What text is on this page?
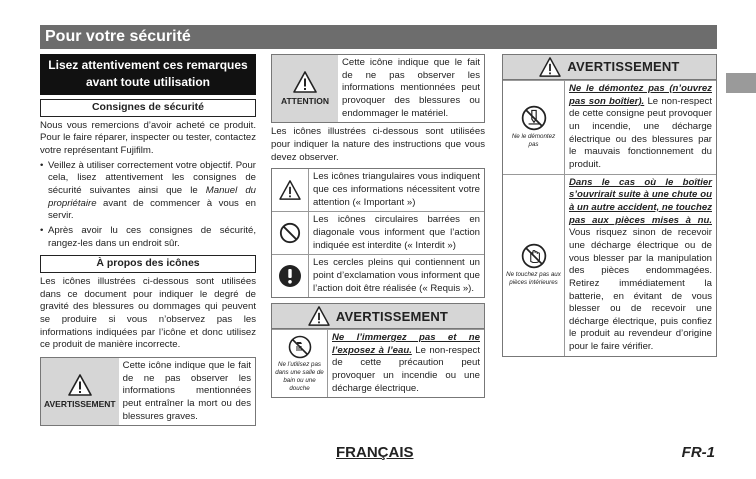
Pour votre sécurité
Lisez attentivement ces remarques
avant toute utilisation
Consignes de sécurité

Nous vous remercions d’avoir acheté ce produit. Pour le faire réparer, inspecter ou tester, contactez votre représentant Fujifilm.

• Veillez à utiliser correctement votre objectif. Pour cela, lisez attentivement les consignes de sécurité suivantes ainsi que le Manuel du propriétaire avant de commencer à vous en servir.
• Après avoir lu ces consignes de sécurité, rangez-les dans un endroit sûr.
À propos des icônes

Les icônes illustrées ci-dessous sont utilisées dans ce document pour indiquer le degré de gravité des blessures ou dommages qui peuvent se produire si vous n’observez pas les informations indiquées par l’icône et donc utilisez ce produit de manière incorrecte.

AVERTISSEMENT
Cette icône indique que le fait de ne pas observer les informations mentionnées peut entraîner la mort ou des blessures graves.
ATTENTION
Cette icône indique que le fait de ne pas observer les informations mentionnées peut provoquer des blessures ou endommager le matériel.

Les icônes illustrées ci-dessous sont utilisées pour indiquer la nature des instructions que vous devez observer.

Les icônes triangulaires vous indiquent que ces informations nécessitent votre attention (« Important »)
Les icônes circulaires barrées en diagonale vous informent que l’action indiquée est interdite (« Interdit »)
Les cercles pleins qui contiennent un point d’exclamation vous informent que l’action doit être réalisée (« Requis »).
AVERTISSEMENT
Ne l’utilisez pas dans une salle de bain ou une douche
Ne l’immergez pas et ne l’exposez à l’eau. Le non-respect de cette précaution peut provoquer un incendie ou une décharge électrique.
AVERTISSEMENT
Ne le démontez pas
Ne le démontez pas (n’ouvrez pas son boîtier). Le non-respect de cette consigne peut provoquer un incendie, une décharge électrique ou des blessures par le mauvais fonctionnement du produit.
Ne touchez pas aux pièces intérieures
Dans le cas où le boîtier s’ouvrirait suite à une chute ou à un autre accident, ne touchez pas aux pièces mises à nu. Vous risquez sinon de recevoir une décharge électrique ou de vous blesser par la manipulation des pièces endommagées. Retirez immédiatement la batterie, en évitant de vous blesser ou de recevoir une décharge électrique, puis confiez le produit au revendeur d’origine pour le faire vérifier.
FRANÇAIS	FR-1
